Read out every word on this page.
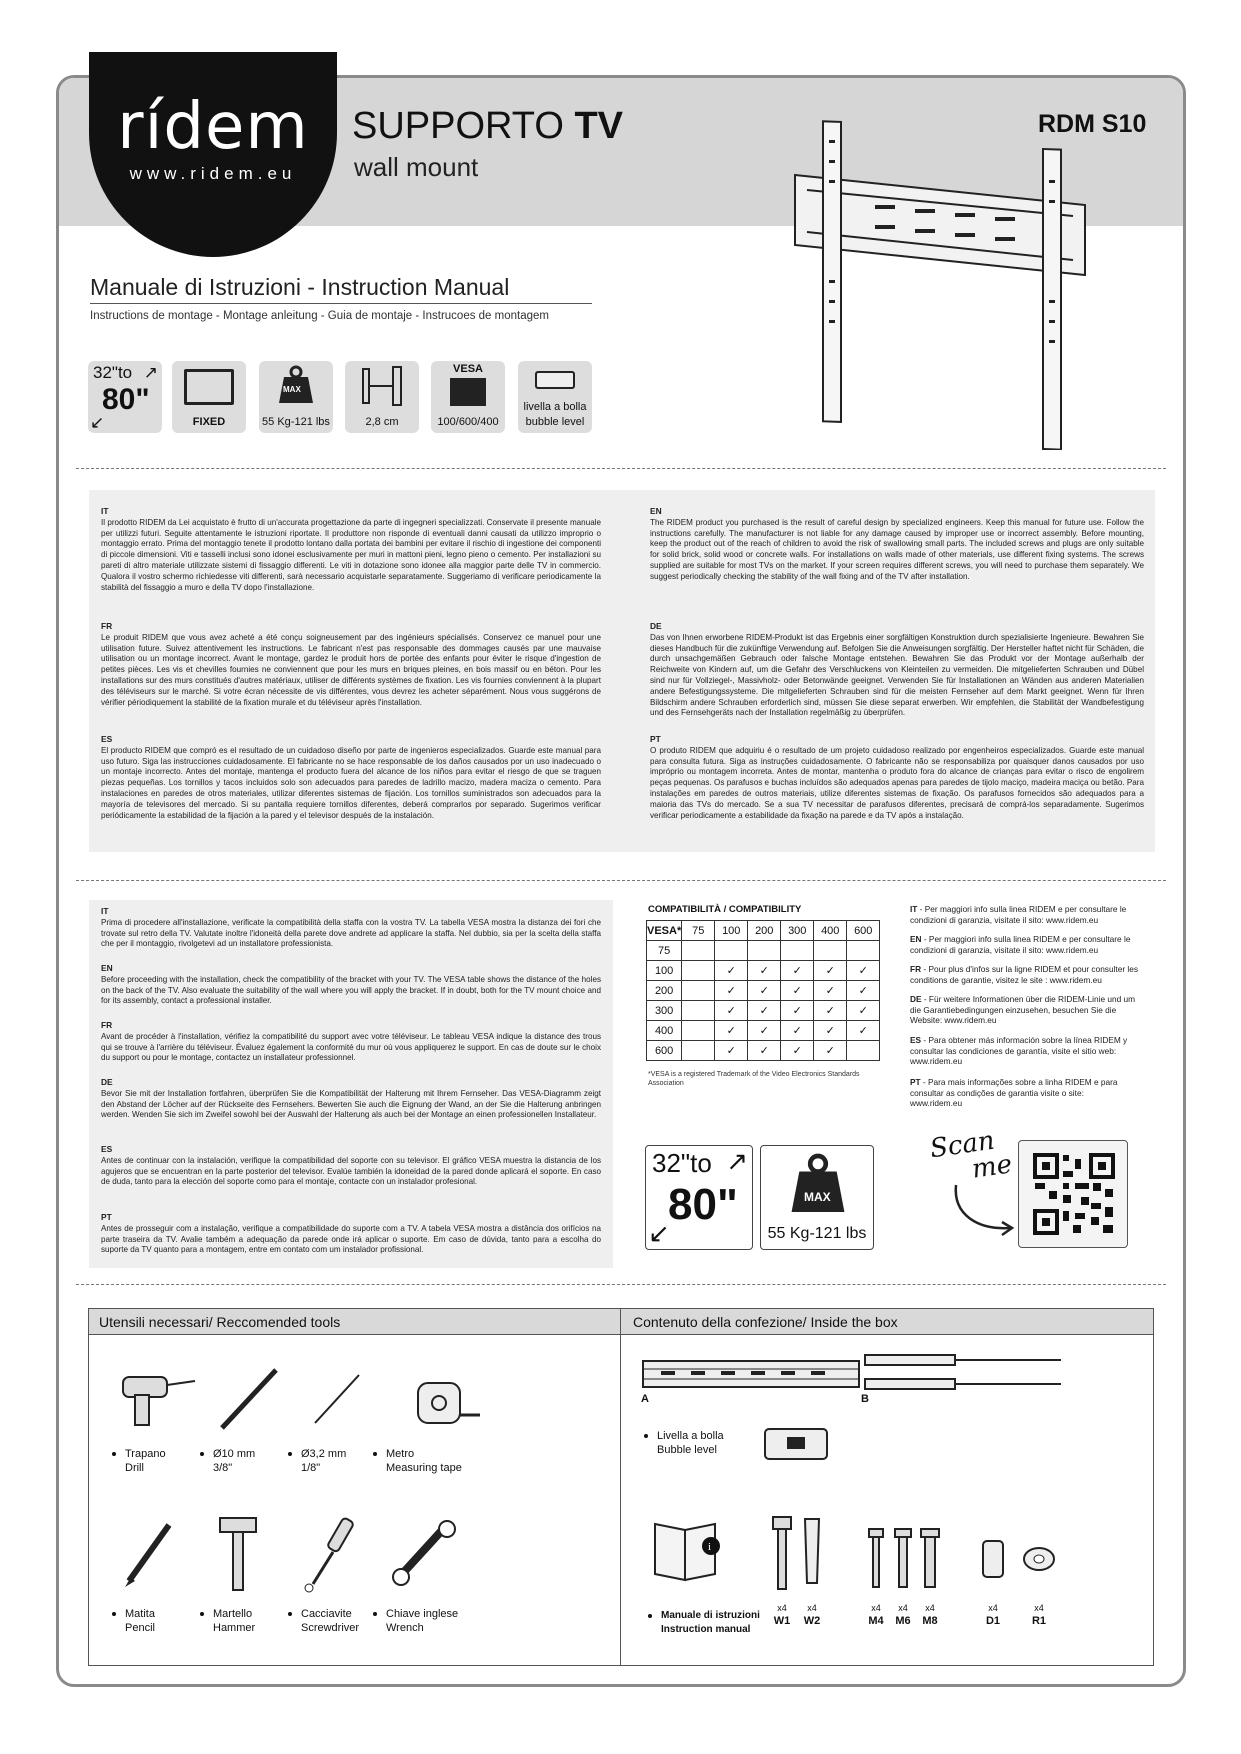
rídem
www.ridem.eu
SUPPORTO TV
wall mount
RDM S10
Manuale di Istruzioni - Instruction Manual
Instructions de montage - Montage anleitung - Guia de montaje - Instrucoes de montagem
32"to
80"
↗
↙	FIXED
MAX
55 Kg-121 lbs	2,8 cm
VESA
100/600/400
livella a bolla
bubble level
IT

Il prodotto RIDEM da Lei acquistato è frutto di un'accurata progettazione da parte di ingegneri specializzati. Conservate il presente manuale per utilizzi futuri. Seguite attentamente le istruzioni riportate. Il produttore non risponde di eventuali danni causati da utilizzo improprio o montaggio errato. Prima del montaggio tenete il prodotto lontano dalla portata dei bambini per evitare il rischio di ingestione dei componenti di piccole dimensioni. Viti e tasselli inclusi sono idonei esclusivamente per muri in mattoni pieni, legno pieno o cemento. Per installazioni su pareti di altro materiale utilizzate sistemi di fissaggio differenti. Le viti in dotazione sono idonee alla maggior parte delle TV in commercio. Qualora il vostro schermo richiedesse viti differenti, sarà necessario acquistarle separatamente. Suggeriamo di verificare periodicamente la stabilità del fissaggio a muro e della TV dopo l'installazione.

FR

Le produit RIDEM que vous avez acheté a été conçu soigneusement par des ingénieurs spécialisés. Conservez ce manuel pour une utilisation future. Suivez attentivement les instructions. Le fabricant n'est pas responsable des dommages causés par une mauvaise utilisation ou un montage incorrect. Avant le montage, gardez le produit hors de portée des enfants pour éviter le risque d'ingestion de petites pièces. Les vis et chevilles fournies ne conviennent que pour les murs en briques pleines, en bois massif ou en béton. Pour les installations sur des murs constitués d'autres matériaux, utiliser de différents systèmes de fixation. Les vis fournies conviennent à la plupart des téléviseurs sur le marché. Si votre écran nécessite de vis différentes, vous devrez les acheter séparément. Nous vous suggérons de vérifier périodiquement la stabilité de la fixation murale et du téléviseur après l'installation.

ES

El producto RIDEM que compró es el resultado de un cuidadoso diseño por parte de ingenieros especializados. Guarde este manual para uso futuro. Siga las instrucciones cuidadosamente. El fabricante no se hace responsable de los daños causados por un uso inadecuado o un montaje incorrecto. Antes del montaje, mantenga el producto fuera del alcance de los niños para evitar el riesgo de que se traguen piezas pequeñas. Los tornillos y tacos incluidos solo son adecuados para paredes de ladrillo macizo, madera maciza o cemento. Para instalaciones en paredes de otros materiales, utilizar diferentes sistemas de fijación. Los tornillos suministrados son adecuados para la mayoría de televisores del mercado. Si su pantalla requiere tornillos diferentes, deberá comprarlos por separado. Sugerimos verificar periódicamente la estabilidad de la fijación a la pared y el televisor después de la instalación.

EN

The RIDEM product you purchased is the result of careful design by specialized engineers. Keep this manual for future use. Follow the instructions carefully. The manufacturer is not liable for any damage caused by improper use or incorrect assembly. Before mounting, keep the product out of the reach of children to avoid the risk of swallowing small parts. The included screws and plugs are only suitable for solid brick, solid wood or concrete walls. For installations on walls made of other materials, use different fixing systems. The screws supplied are suitable for most TVs on the market. If your screen requires different screws, you will need to purchase them separately. We suggest periodically checking the stability of the wall fixing and of the TV after installation.

DE

Das von Ihnen erworbene RIDEM-Produkt ist das Ergebnis einer sorgfältigen Konstruktion durch spezialisierte Ingenieure. Bewahren Sie dieses Handbuch für die zukünftige Verwendung auf. Befolgen Sie die Anweisungen sorgfältig. Der Hersteller haftet nicht für Schäden, die durch unsachgemäßen Gebrauch oder falsche Montage entstehen. Bewahren Sie das Produkt vor der Montage außerhalb der Reichweite von Kindern auf, um die Gefahr des Verschluckens von Kleinteilen zu vermeiden. Die mitgelieferten Schrauben und Dübel sind nur für Vollziegel-, Massivholz- oder Betonwände geeignet. Verwenden Sie für Installationen an Wänden aus anderen Materialien andere Befestigungssysteme. Die mitgelieferten Schrauben sind für die meisten Fernseher auf dem Markt geeignet. Wenn für Ihren Bildschirm andere Schrauben erforderlich sind, müssen Sie diese separat erwerben. Wir empfehlen, die Stabilität der Wandbefestigung und des Fernsehgeräts nach der Installation regelmäßig zu überprüfen.

PT

O produto RIDEM que adquiriu é o resultado de um projeto cuidadoso realizado por engenheiros especializados. Guarde este manual para consulta futura. Siga as instruções cuidadosamente. O fabricante não se responsabiliza por quaisquer danos causados por uso impróprio ou montagem incorreta. Antes de montar, mantenha o produto fora do alcance de crianças para evitar o risco de engolirem peças pequenas. Os parafusos e buchas incluídos são adequados apenas para paredes de tijolo maciço, madeira maciça ou betão. Para instalações em paredes de outros materiais, utilize diferentes sistemas de fixação. Os parafusos fornecidos são adequados para a maioria das TVs do mercado. Se a sua TV necessitar de parafusos diferentes, precisará de comprá-los separadamente. Sugerimos verificar periodicamente a estabilidade da fixação na parede e da TV após a instalação.

IT

Prima di procedere all'installazione, verificate la compatibilità della staffa con la vostra TV. La tabella VESA mostra la distanza dei fori che trovate sul retro della TV. Valutate inoltre l'idoneità della parete dove andrete ad applicare la staffa. Nel dubbio, sia per la scelta della staffa che per il montaggio, rivolgetevi ad un installatore professionista.

EN

Before proceeding with the installation, check the compatibility of the bracket with your TV. The VESA table shows the distance of the holes on the back of the TV. Also evaluate the suitability of the wall where you will apply the bracket. If in doubt, both for the TV mount choice and for its assembly, contact a professional installer.

FR

Avant de procéder à l'installation, vérifiez la compatibilité du support avec votre téléviseur. Le tableau VESA indique la distance des trous qui se trouve à l'arrière du téléviseur. Évaluez également la conformité du mur où vous appliquerez le support. En cas de doute sur le choix du support ou pour le montage, contactez un installateur professionnel.

DE

Bevor Sie mit der Installation fortfahren, überprüfen Sie die Kompatibilität der Halterung mit Ihrem Fernseher. Das VESA-Diagramm zeigt den Abstand der Löcher auf der Rückseite des Fernsehers. Bewerten Sie auch die Eignung der Wand, an der Sie die Halterung anbringen werden. Wenden Sie sich im Zweifel sowohl bei der Auswahl der Halterung als auch bei der Montage an einen professionellen Installateur.

ES

Antes de continuar con la instalación, verifique la compatibilidad del soporte con su televisor. El gráfico VESA muestra la distancia de los agujeros que se encuentran en la parte posterior del televisor. Evalúe también la idoneidad de la pared donde aplicará el soporte. En caso de duda, tanto para la elección del soporte como para el montaje, contacte con un instalador profesional.

PT

Antes de prosseguir com a instalação, verifique a compatibilidade do suporte com a TV. A tabela VESA mostra a distância dos orifícios na parte traseira da TV. Avalie também a adequação da parede onde irá aplicar o suporte. Em caso de dúvida, tanto para a escolha do suporte da TV quanto para a montagem, entre em contato com um instalador profissional.

COMPATIBILITÀ / COMPATIBILITY
VESA*	75	100	200	300	400	600
75						
100		✓	✓	✓	✓	✓
200		✓	✓	✓	✓	✓
300		✓	✓	✓	✓	✓
400		✓	✓	✓	✓	✓
600		✓	✓	✓	✓	
*VESA is a registered Trademark of the Video Electronics Standards Association
IT - Per maggiori info sulla linea RIDEM e per consultare le condizioni di garanzia, visitate il sito: www.ridem.eu
EN - Per maggiori info sulla linea RIDEM e per consultare le condizioni di garanzia, visitate il sito: www.ridem.eu
FR - Pour plus d'infos sur la ligne RIDEM et pour consulter les conditions de garantie, visitez le site : www.ridem.eu
DE - Für weitere Informationen über die RIDEM-Linie und um die Garantiebedingungen einzusehen, besuchen Sie die Website: www.ridem.eu
ES - Para obtener más información sobre la línea RIDEM y consultar las condiciones de garantía, visite el sitio web: www.ridem.eu
PT - Para mais informações sobre a linha RIDEM e para consultar as condições de garantia visite o site: www.ridem.eu
32"to
80"
↗
↙
MAX
55 Kg-121 lbs
Scan
me
Utensili necessari/ Reccomended tools	Contenuto della confezione/ Inside the box
Trapano
Drill
Ø10 mm
3/8"
Ø3,2 mm
1/8"
Metro
Measuring tape
Matita
Pencil
Martello
Hammer
Cacciavite
Screwdriver
Chiave inglese
Wrench
A	B
Livella a bolla
Bubble level
i
Manuale di istruzioni
Instruction manual
x4
W1
x4
W2
x4
M4
x4
M6
x4
M8
x4
D1
x4
R1
